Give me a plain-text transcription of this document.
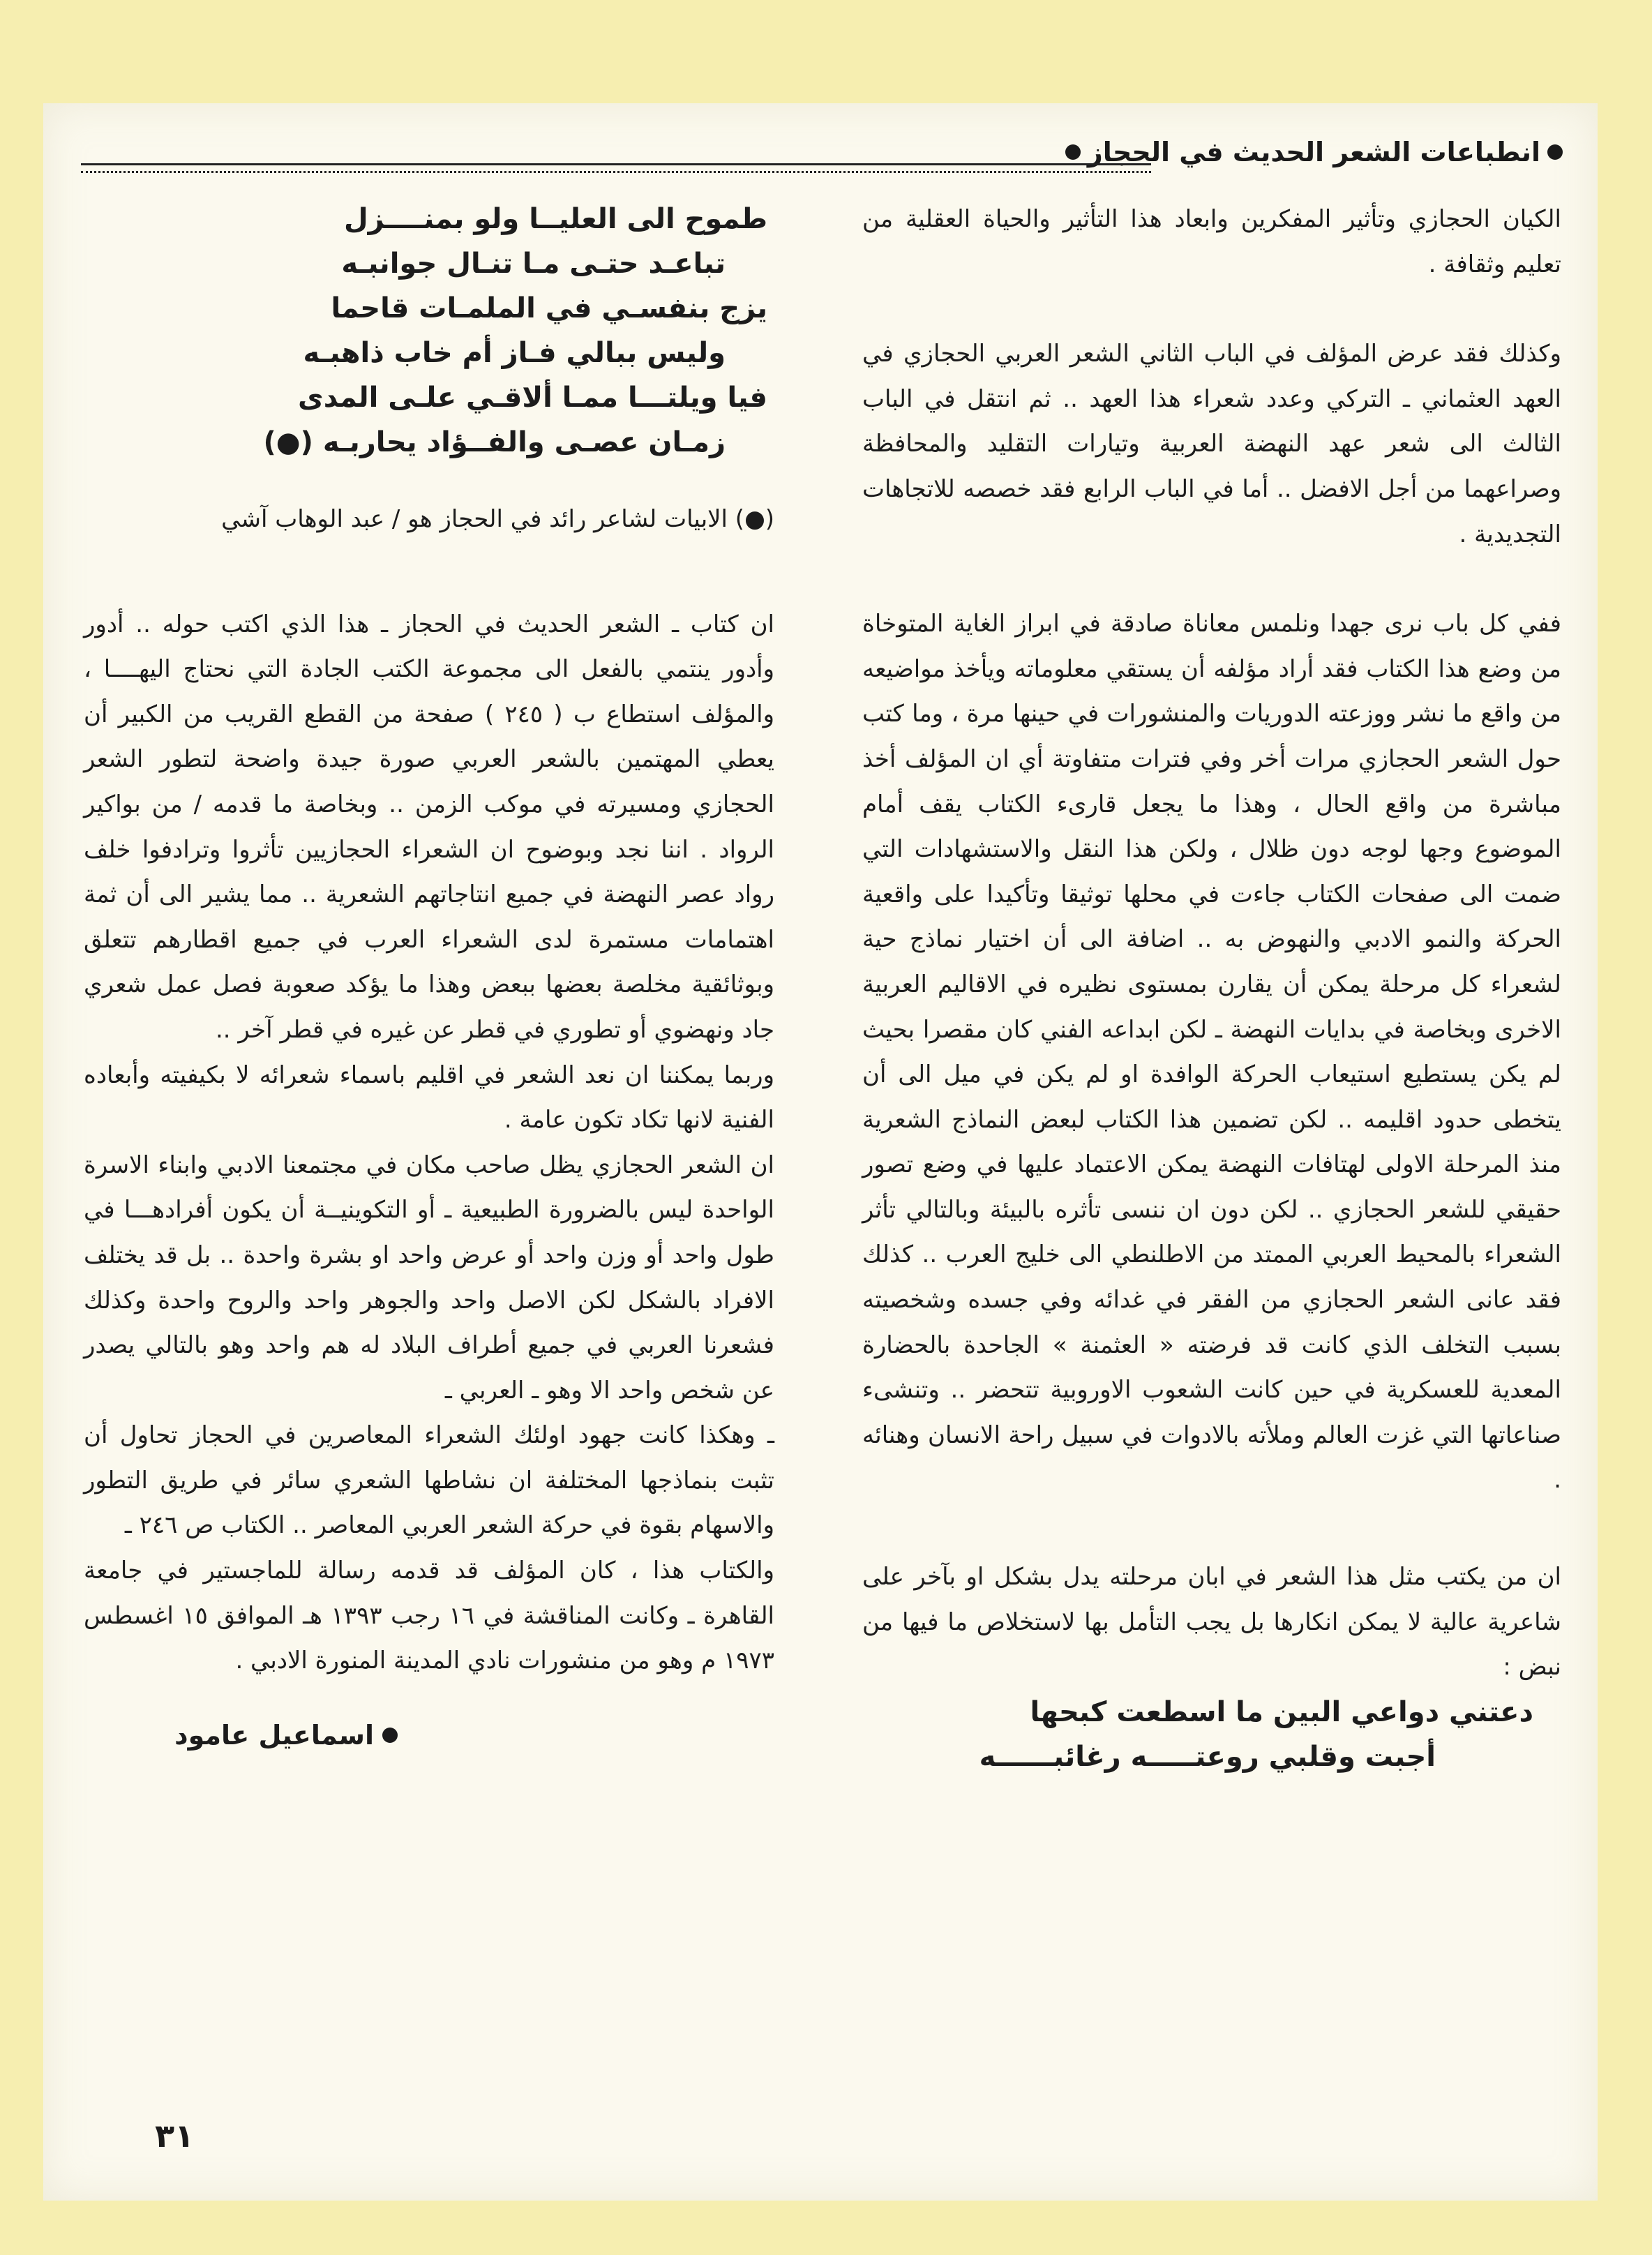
انطباعات الشعر الحديث في الحجاز

الكيان الحجازي وتأثير المفكرين وابعاد هذا التأثير والحياة العقلية من تعليم وثقافة .

وكذلك فقد عرض المؤلف في الباب الثاني الشعر العربي الحجازي في العهد العثماني ـ التركي وعدد شعراء هذا العهد .. ثم انتقل في الباب الثالث الى شعر عهد النهضة العربية وتيارات التقليد والمحافظة وصراعهما من أجل الافضل .. أما في الباب الرابع فقد خصصه للاتجاهات التجديدية .

ففي كل باب نرى جهدا ونلمس معاناة صادقة في ابراز الغاية المتوخاة من وضع هذا الكتاب فقد أراد مؤلفه أن يستقي معلوماته ويأخذ مواضيعه من واقع ما نشر ووزعته الدوريات والمنشورات في حينها مرة ، وما كتب حول الشعر الحجازي مرات أخر وفي فترات متفاوتة أي ان المؤلف أخذ مباشرة من واقع الحال ، وهذا ما يجعل قارىء الكتاب يقف أمام الموضوع وجها لوجه دون ظلال ، ولكن هذا النقل والاستشهادات التي ضمت الى صفحات الكتاب جاءت في محلها توثيقا وتأكيدا على واقعية الحركة والنمو الادبي والنهوض به .. اضافة الى أن اختيار نماذج حية لشعراء كل مرحلة يمكن أن يقارن بمستوى نظيره في الاقاليم العربية الاخرى وبخاصة في بدايات النهضة ـ لكن ابداعه الفني كان مقصرا بحيث لم يكن يستطيع استيعاب الحركة الوافدة او لم يكن في ميل الى أن يتخطى حدود اقليمه .. لكن تضمين هذا الكتاب لبعض النماذج الشعرية منذ المرحلة الاولى لهتافات النهضة يمكن الاعتماد عليها في وضع تصور حقيقي للشعر الحجازي .. لكن دون ان ننسى تأثره بالبيئة وبالتالي تأثر الشعراء بالمحيط العربي الممتد من الاطلنطي الى خليج العرب .. كذلك فقد عانى الشعر الحجازي من الفقر في غدائه وفي جسده وشخصيته بسبب التخلف الذي كانت قد فرضته « العثمنة » الجاحدة بالحضارة المعدية للعسكرية في حين كانت الشعوب الاوروبية تتحضر .. وتنشىء صناعاتها التي غزت العالم وملأته بالادوات في سبيل راحة الانسان وهنائه .

ان من يكتب مثل هذا الشعر في ابان مرحلته يدل بشكل او بآخر على شاعرية عالية لا يمكن انكارها بل يجب التأمل بها لاستخلاص ما فيها من نبض :

دعتني دواعي البين ما اسطعت كبحها
أجبت وقلبي روعتـــــه رغائبــــــه
طموح الى العليــا ولو بمنــــزل
تباعـد حتـى مـا تنـال جوانبـه
يزج بنفسـي في الملمـات قاحما
وليس ببالي فـاز أم خاب ذاهبـه
فيا ويلتـــا ممـا ألاقـي علـى المدى
زمـان عصـى والفــؤاد يحاربـه (●)

(●) الابيات لشاعر رائد في الحجاز هو / عبد الوهاب آشي

ان كتاب ـ الشعر الحديث في الحجاز ـ هذا الذي اكتب حوله .. أدور وأدور ينتمي بالفعل الى مجموعة الكتب الجادة التي نحتاج اليهــــا ، والمؤلف استطاع ب ( ٢٤٥ ) صفحة من القطع القريب من الكبير أن يعطي المهتمين بالشعر العربي صورة جيدة واضحة لتطور الشعر الحجازي ومسيرته في موكب الزمن .. وبخاصة ما قدمه / من بواكير الرواد . اننا نجد وبوضوح ان الشعراء الحجازيين تأثروا وترادفوا خلف رواد عصر النهضة في جميع انتاجاتهم الشعرية .. مما يشير الى أن ثمة اهتمامات مستمرة لدى الشعراء العرب في جميع اقطارهم تتعلق وبوثائقية مخلصة بعضها ببعض وهذا ما يؤكد صعوبة فصل عمل شعري جاد ونهضوي أو تطوري في قطر عن غيره في قطر آخر ..

وربما يمكننا ان نعد الشعر في اقليم باسماء شعرائه لا بكيفيته وأبعاده الفنية لانها تكاد تكون عامة .

ان الشعر الحجازي يظل صاحب مكان في مجتمعنا الادبي وابناء الاسرة الواحدة ليس بالضرورة الطبيعية ـ أو التكوينيــة أن يكون أفرادهـــا في طول واحد أو وزن واحد أو عرض واحد او بشرة واحدة .. بل قد يختلف الافراد بالشكل لكن الاصل واحد والجوهر واحد والروح واحدة وكذلك فشعرنا العربي في جميع أطراف البلاد له هم واحد وهو بالتالي يصدر عن شخص واحد الا وهو ـ العربي ـ

ـ وهكذا كانت جهود اولئك الشعراء المعاصرين في الحجاز تحاول أن تثبت بنماذجها المختلفة ان نشاطها الشعري سائر في طريق التطور والاسهام بقوة في حركة الشعر العربي المعاصر .. الكتاب ص ٢٤٦ ـ

والكتاب هذا ، كان المؤلف قد قدمه رسالة للماجستير في جامعة القاهرة ـ وكانت المناقشة في ١٦ رجب ١٣٩٣ هـ الموافق ١٥ اغسطس ١٩٧٣ م وهو من منشورات نادي المدينة المنورة الادبي .

اسماعيل عامود
٣١
